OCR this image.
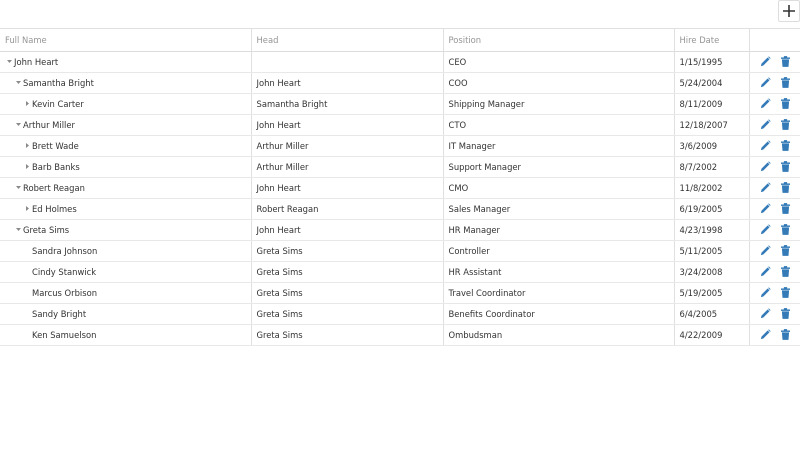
Full Name	Head	Position	Hire Date	

John Heart		CEO	1/15/1995	

Samantha Bright	John Heart	COO	5/24/2004	

Kevin Carter	Samantha Bright	Shipping Manager	8/11/2009	

Arthur Miller	John Heart	CTO	12/18/2007	

Brett Wade	Arthur Miller	IT Manager	3/6/2009	

Barb Banks	Arthur Miller	Support Manager	8/7/2002	

Robert Reagan	John Heart	CMO	11/8/2002	

Ed Holmes	Robert Reagan	Sales Manager	6/19/2005	

Greta Sims	John Heart	HR Manager	4/23/1998	

Sandra Johnson	Greta Sims	Controller	5/11/2005	

Cindy Stanwick	Greta Sims	HR Assistant	3/24/2008	

Marcus Orbison	Greta Sims	Travel Coordinator	5/19/2005	

Sandy Bright	Greta Sims	Benefits Coordinator	6/4/2005	

Ken Samuelson	Greta Sims	Ombudsman	4/22/2009	
